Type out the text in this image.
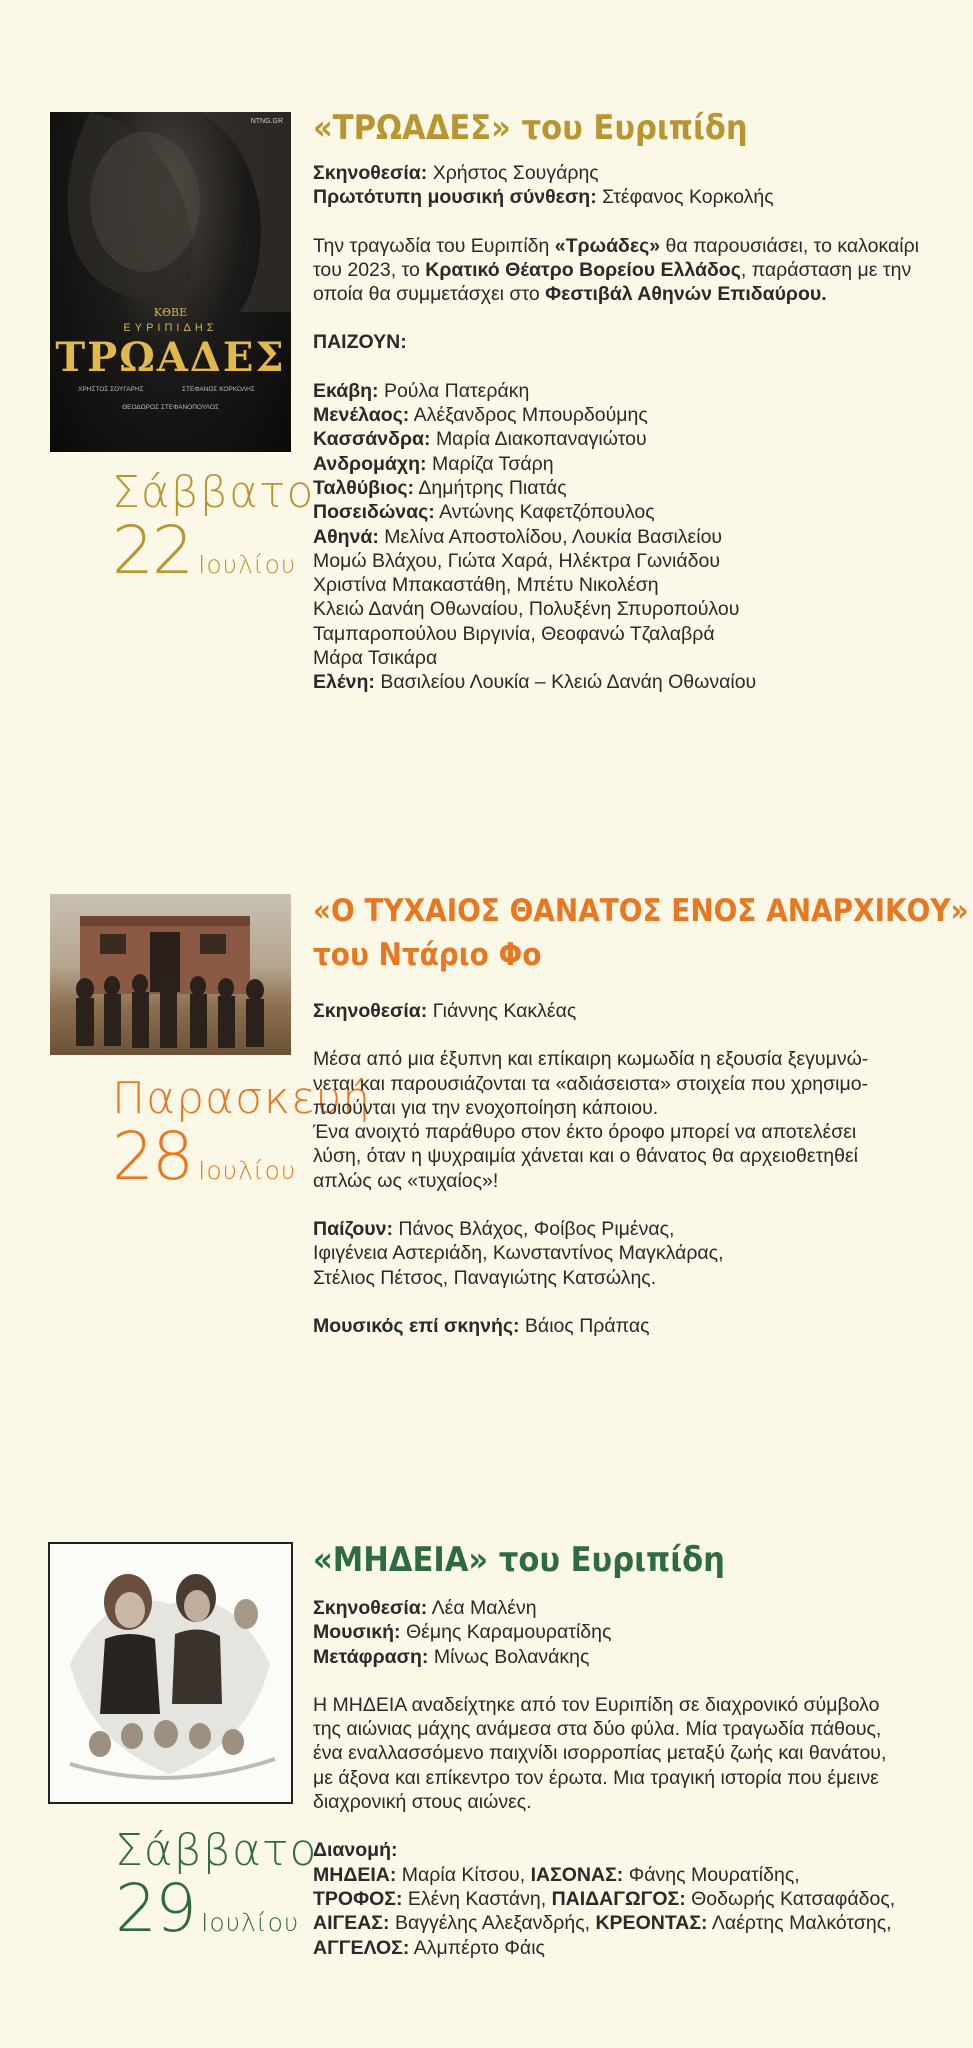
NTNG.GR
ΚΘΒΕ
ΕΥΡΙΠΙΔΗΣ
ΤΡΩΑΔΕΣ
ΧΡΗΣΤΟΣ ΣΟΥΓΑΡΗΣ	ΣΤΕΦΑΝΟΣ ΚΟΡΚΟΛΗΣ
ΘΕΟΔΩΡΟΣ ΣΤΕΦΑΝΟΠΟΥΛΟΣ
Σάββατο
22 Ιουλίου
«ΤΡΩΑΔΕΣ» του Ευριπίδη

Σκηνοθεσία: Χρήστος Σουγάρης

Πρωτότυπη μουσική σύνθεση: Στέφανος Κορκολής

Την τραγωδία του Ευριπίδη «Τρωάδες» θα παρουσιάσει, το καλοκαίρι του 2023, το Κρατικό Θέατρο Βορείου Ελλάδος, παράσταση με την οποία θα συμμετάσχει στο Φεστιβάλ Αθηνών Επιδαύρου.

ΠΑΙΖΟΥΝ:

Εκάβη: Ρούλα Πατεράκη

Μενέλαος: Αλέξανδρος Μπουρδούμης

Κασσάνδρα: Μαρία Διακοπαναγιώτου

Ανδρομάχη: Μαρίζα Τσάρη

Ταλθύβιος: Δημήτρης Πιατάς

Ποσειδώνας: Αντώνης Καφετζόπουλος

Αθηνά: Μελίνα Αποστολίδου, Λουκία Βασιλείου

Μομώ Βλάχου, Γιώτα Χαρά, Ηλέκτρα Γωνιάδου

Χριστίνα Μπακαστάθη, Μπέτυ Νικολέση

Κλειώ Δανάη Οθωναίου, Πολυξένη Σπυροπούλου

Ταμπαροπούλου Βιργινία, Θεοφανώ Τζαλαβρά

Μάρα Τσικάρα

Ελένη: Βασιλείου Λουκία – Κλειώ Δανάη Οθωναίου

Παρασκευή
28 Ιουλίου
«Ο ΤΥΧΑΙΟΣ ΘΑΝΑΤΟΣ ΕΝΟΣ ΑΝΑΡΧΙΚΟΥ»
του Ντάριο Φο

Σκηνοθεσία: Γιάννης Κακλέας

Μέσα από μια έξυπνη και επίκαιρη κωμωδία η εξουσία ξεγυμνώ-

νεται και παρουσιάζονται τα «αδιάσειστα» στοιχεία που χρησιμο-

ποιούνται για την ενοχοποίηση κάποιου.

Ένα ανοιχτό παράθυρο στον έκτο όροφο μπορεί να αποτελέσει

λύση, όταν η ψυχραιμία χάνεται και ο θάνατος θα αρχειοθετηθεί

απλώς ως «τυχαίος»!

Παίζουν: Πάνος Βλάχος, Φοίβος Ριμένας,

Ιφιγένεια Αστεριάδη, Κωνσταντίνος Μαγκλάρας,

Στέλιος Πέτσος, Παναγιώτης Κατσώλης.

Μουσικός επί σκηνής: Βάιος Πράπας

Σάββατο
29 Ιουλίου
«ΜΗΔΕΙΑ» του Ευριπίδη

Σκηνοθεσία: Λέα Μαλένη

Μουσική: Θέμης Καραμουρατίδης

Μετάφραση: Μίνως Βολανάκης

Η ΜΗΔΕΙΑ αναδείχτηκε από τον Ευριπίδη σε διαχρονικό σύμβολο

της αιώνιας μάχης ανάμεσα στα δύο φύλα. Μία τραγωδία πάθους,

ένα εναλλασσόμενο παιχνίδι ισορροπίας μεταξύ ζωής και θανάτου,

με άξονα και επίκεντρο τον έρωτα. Μια τραγική ιστορία που έμεινε

διαχρονική στους αιώνες.

Διανομή:

ΜΗΔΕΙΑ: Μαρία Κίτσου, ΙΑΣΟΝΑΣ: Φάνης Μουρατίδης,

ΤΡΟΦΟΣ: Ελένη Καστάνη, ΠΑΙΔΑΓΩΓΟΣ: Θοδωρής Κατσαφάδος,

ΑΙΓΕΑΣ: Βαγγέλης Αλεξανδρής, ΚΡΕΟΝΤΑΣ: Λαέρτης Μαλκότσης,

ΑΓΓΕΛΟΣ: Αλμπέρτο Φάις
